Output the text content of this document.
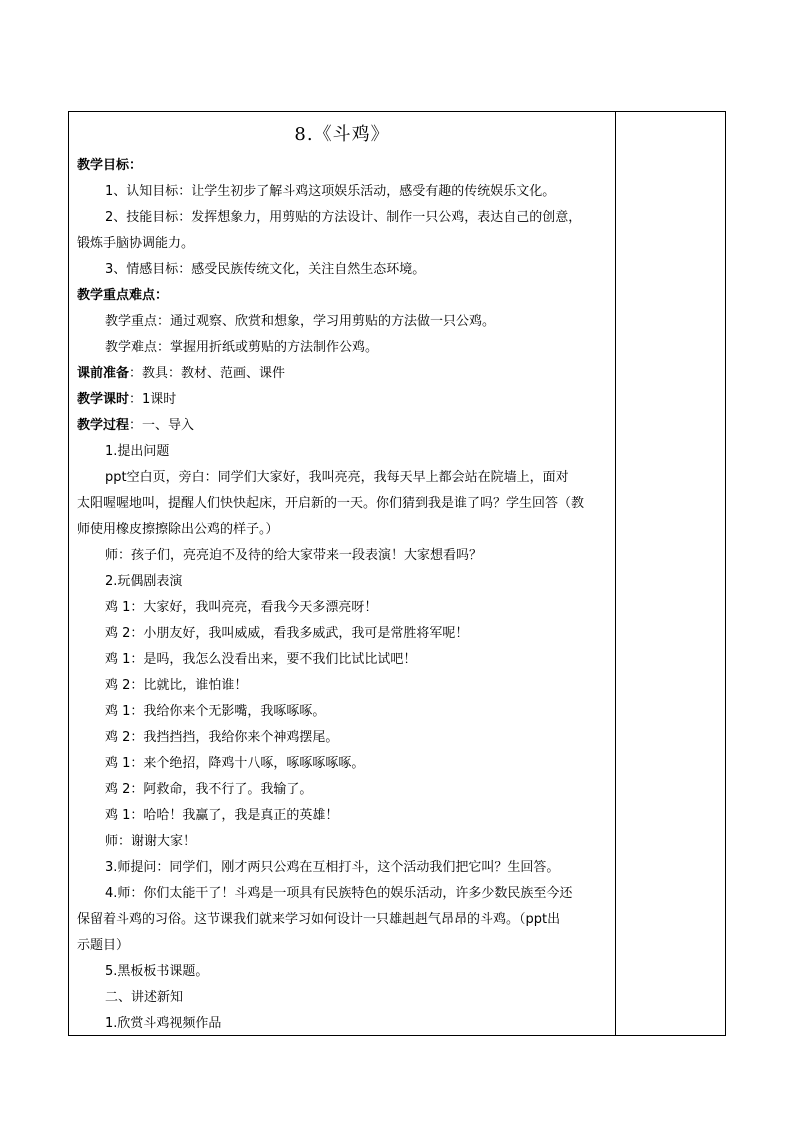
8.《斗鸡》
教学目标：
1、认知目标：让学生初步了解斗鸡这项娱乐活动，感受有趣的传统娱乐文化。
2、技能目标：发挥想象力，用剪贴的方法设计、制作一只公鸡，表达自己的创意，
锻炼手脑协调能力。
3、情感目标：感受民族传统文化，关注自然生态环境。
教学重点难点：
教学重点：通过观察、欣赏和想象，学习用剪贴的方法做一只公鸡。
教学难点：掌握用折纸或剪贴的方法制作公鸡。
课前准备：教具：教材、范画、课件
教学课时：1课时
教学过程：一、导入
1.提出问题
ppt空白页，旁白：同学们大家好，我叫亮亮，我每天早上都会站在院墙上，面对
太阳喔喔地叫，提醒人们快快起床，开启新的一天。你们猜到我是谁了吗？学生回答（教
师使用橡皮擦擦除出公鸡的样子。）
师：孩子们，亮亮迫不及待的给大家带来一段表演！大家想看吗？
2.玩偶剧表演
鸡 1：大家好，我叫亮亮，看我今天多漂亮呀！
鸡 2：小朋友好，我叫威威，看我多威武，我可是常胜将军呢！
鸡 1：是吗，我怎么没看出来，要不我们比试比试吧！
鸡 2：比就比，谁怕谁！
鸡 1：我给你来个无影嘴，我啄啄啄。
鸡 2：我挡挡挡，我给你来个神鸡摆尾。
鸡 1：来个绝招，降鸡十八啄，啄啄啄啄啄。
鸡 2：阿救命，我不行了。我输了。
鸡 1：哈哈！我赢了，我是真正的英雄！
师：谢谢大家！
3.师提问：同学们，刚才两只公鸡在互相打斗，这个活动我们把它叫？生回答。
4.师：你们太能干了！斗鸡是一项具有民族特色的娱乐活动，许多少数民族至今还
保留着斗鸡的习俗。这节课我们就来学习如何设计一只雄赳赳气昂昂的斗鸡。（ppt出
示题目）
5.黑板板书课题。
二、讲述新知
1.欣赏斗鸡视频作品
